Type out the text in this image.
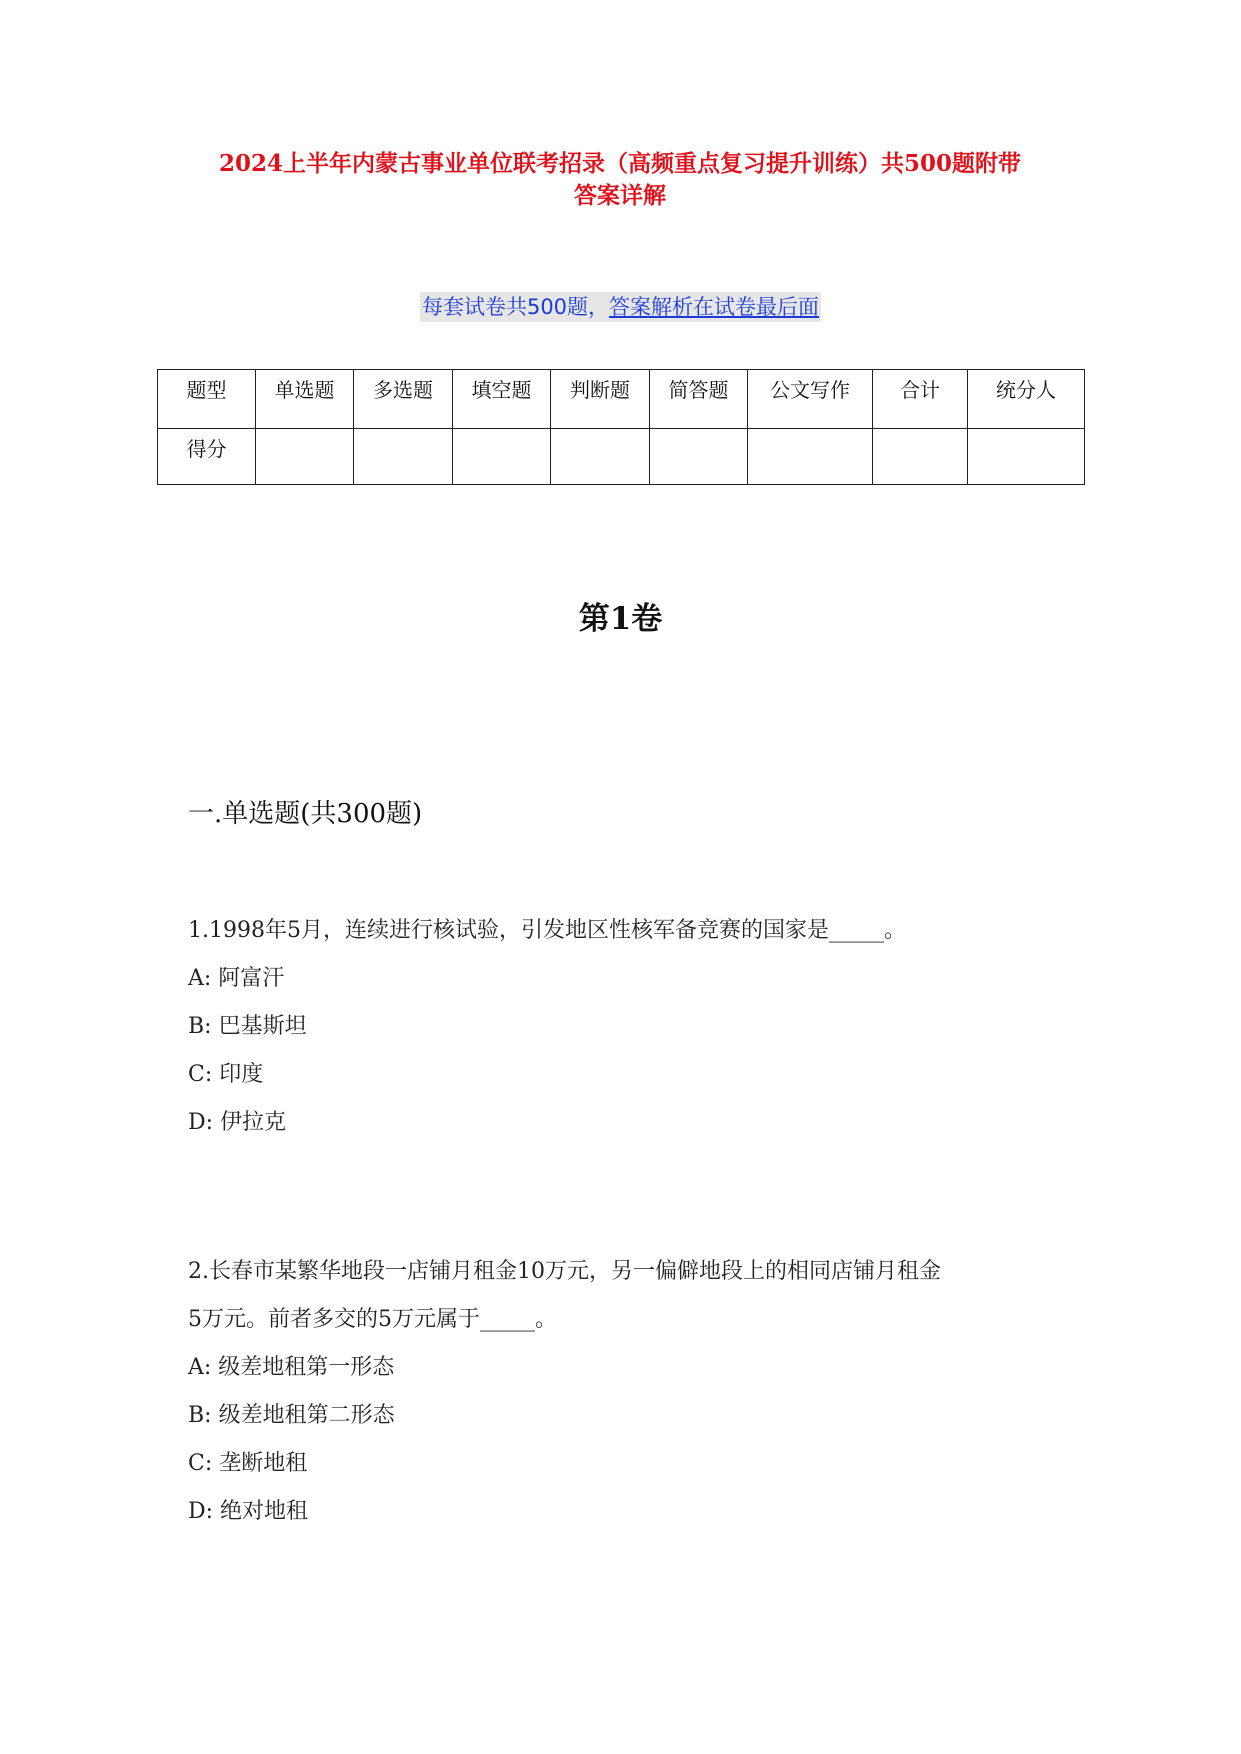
2024上半年内蒙古事业单位联考招录（高频重点复习提升训练）共500题附带
答案详解
每套试卷共500题，答案解析在试卷最后面
题型	单选题	多选题	填空题	判断题	简答题	公文写作	合计	统分人
得分								
第1卷
一.单选题(共300题)
1.1998年5月，连续进行核试验，引发地区性核军备竞赛的国家是_____。
A: 阿富汗
B: 巴基斯坦
C: 印度
D: 伊拉克
2.长春市某繁华地段一店铺月租金10万元，另一偏僻地段上的相同店铺月租金
5万元。前者多交的5万元属于_____。
A: 级差地租第一形态
B: 级差地租第二形态
C: 垄断地租
D: 绝对地租
